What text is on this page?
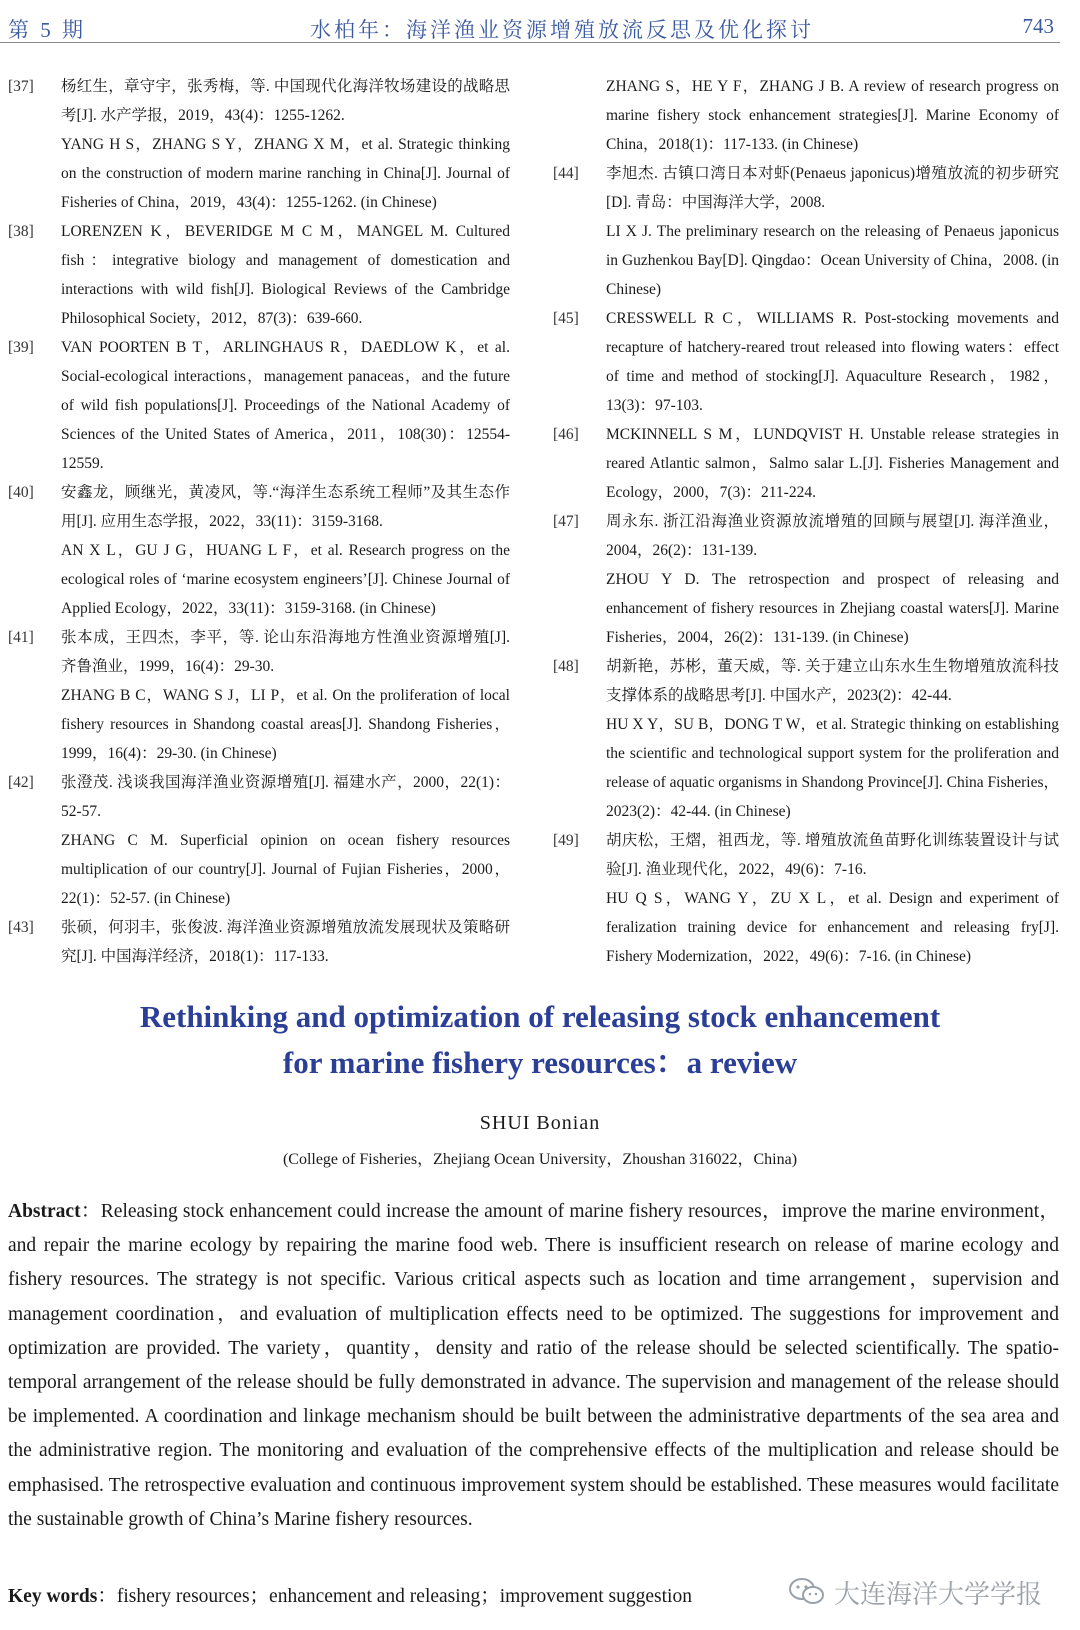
第 5 期	水柏年：海洋渔业资源增殖放流反思及优化探讨	743
[37] 杨红生，章守宇，张秀梅，等. 中国现代化海洋牧场建设的战略思考[J]. 水产学报，2019，43(4)：1255-1262.
YANG H S，ZHANG S Y，ZHANG X M，et al. Strategic thinking on the construction of modern marine ranching in China[J]. Journal of Fisheries of China，2019，43(4)：1255-1262. (in Chinese)
[38] LORENZEN K，BEVERIDGE M C M，MANGEL M. Cultured fish：integrative biology and management of domestication and interactions with wild fish[J]. Biological Reviews of the Cambridge Philosophical Society，2012，87(3)：639-660.
[39] VAN POORTEN B T，ARLINGHAUS R，DAEDLOW K，et al. Social-ecological interactions，management panaceas，and the future of wild fish populations[J]. Proceedings of the National Academy of Sciences of the United States of America，2011，108(30)：12554-12559.
[40] 安鑫龙，顾继光，黄凌风，等.“海洋生态系统工程师”及其生态作用[J]. 应用生态学报，2022，33(11)：3159-3168.
AN X L，GU J G，HUANG L F，et al. Research progress on the ecological roles of ‘marine ecosystem engineers’[J]. Chinese Journal of Applied Ecology，2022，33(11)：3159-3168. (in Chinese)
[41] 张本成，王四杰，李平，等. 论山东沿海地方性渔业资源增殖[J]. 齐鲁渔业，1999，16(4)：29-30.
ZHANG B C，WANG S J，LI P，et al. On the proliferation of local fishery resources in Shandong coastal areas[J]. Shandong Fisheries，1999，16(4)：29-30. (in Chinese)
[42] 张澄茂. 浅谈我国海洋渔业资源增殖[J]. 福建水产，2000，22(1)：52-57.
ZHANG C M. Superficial opinion on ocean fishery resources multiplication of our country[J]. Journal of Fujian Fisheries，2000，22(1)：52-57. (in Chinese)
[43] 张硕，何羽丰，张俊波. 海洋渔业资源增殖放流发展现状及策略研究[J]. 中国海洋经济，2018(1)：117-133.
ZHANG S，HE Y F，ZHANG J B. A review of research progress on marine fishery stock enhancement strategies[J]. Marine Economy of China，2018(1)：117-133. (in Chinese)
[44] 李旭杰. 古镇口湾日本对虾(Penaeus japonicus)增殖放流的初步研究[D]. 青岛：中国海洋大学，2008.
LI X J. The preliminary research on the releasing of Penaeus japonicus in Guzhenkou Bay[D]. Qingdao：Ocean University of China，2008. (in Chinese)
[45] CRESSWELL R C，WILLIAMS R. Post-stocking movements and recapture of hatchery-reared trout released into flowing waters：effect of time and method of stocking[J]. Aquaculture Research，1982，13(3)：97-103.
[46] MCKINNELL S M，LUNDQVIST H. Unstable release strategies in reared Atlantic salmon，Salmo salar L.[J]. Fisheries Management and Ecology，2000，7(3)：211-224.
[47] 周永东. 浙江沿海渔业资源放流增殖的回顾与展望[J]. 海洋渔业，2004，26(2)：131-139.
ZHOU Y D. The retrospection and prospect of releasing and enhancement of fishery resources in Zhejiang coastal waters[J]. Marine Fisheries，2004，26(2)：131-139. (in Chinese)
[48] 胡新艳，苏彬，董天威，等. 关于建立山东水生生物增殖放流科技支撑体系的战略思考[J]. 中国水产，2023(2)：42-44.
HU X Y，SU B，DONG T W，et al. Strategic thinking on establishing the scientific and technological support system for the proliferation and release of aquatic organisms in Shandong Province[J]. China Fisheries，2023(2)：42-44. (in Chinese)
[49] 胡庆松，王熠，祖西龙，等. 增殖放流鱼苗野化训练装置设计与试验[J]. 渔业现代化，2022，49(6)：7-16.
HU Q S，WANG Y，ZU X L，et al. Design and experiment of feralization training device for enhancement and releasing fry[J]. Fishery Modernization，2022，49(6)：7-16. (in Chinese)
Rethinking and optimization of releasing stock enhancement
for marine fishery resources：a review
SHUI Bonian
(College of Fisheries，Zhejiang Ocean University，Zhoushan 316022，China)
Abstract：Releasing stock enhancement could increase the amount of marine fishery resources，improve the marine environment，and repair the marine ecology by repairing the marine food web. There is insufficient research on release of marine ecology and fishery resources. The strategy is not specific. Various critical aspects such as location and time arrangement，supervision and management coordination，and evaluation of multiplication effects need to be optimized. The suggestions for improvement and optimization are provided. The variety，quantity，density and ratio of the release should be selected scientifically. The spatio-temporal arrangement of the release should be fully demonstrated in advance. The supervision and management of the release should be implemented. A coordination and linkage mechanism should be built between the administrative departments of the sea area and the administrative region. The monitoring and evaluation of the comprehensive effects of the multiplication and release should be emphasised. The retrospective evaluation and continuous improvement system should be established. These measures would facilitate the sustainable growth of China’s Marine fishery resources.
Key words：fishery resources；enhancement and releasing；improvement suggestion	大连海洋大学学报
